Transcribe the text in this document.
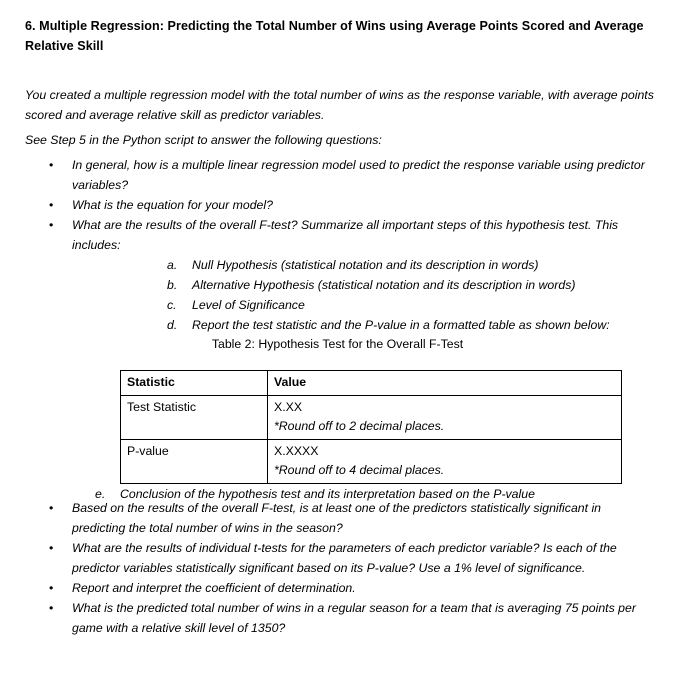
6. Multiple Regression: Predicting the Total Number of Wins using Average Points Scored and Average Relative Skill

You created a multiple regression model with the total number of wins as the response variable, with average points scored and average relative skill as predictor variables.

See Step 5 in the Python script to answer the following questions:

•	In general, how is a multiple linear regression model used to predict the response variable using predictor variables?
•	What is the equation for your model?
•	What are the results of the overall F-test? Summarize all important steps of this hypothesis test. This includes:
a. Null Hypothesis (statistical notation and its description in words)
b. Alternative Hypothesis (statistical notation and its description in words)
c. Level of Significance
d. Report the test statistic and the P-value in a formatted table as shown below:
Table 2: Hypothesis Test for the Overall F-Test
Statistic	Value
Test Statistic	X.XX
*Round off to 2 decimal places.

P-value	X.XXXX
*Round off to 4 decimal places.
e. Conclusion of the hypothesis test and its interpretation based on the P-value
•	Based on the results of the overall F-test, is at least one of the predictors statistically significant in predicting the total number of wins in the season?
•	What are the results of individual t-tests for the parameters of each predictor variable? Is each of the predictor variables statistically significant based on its P-value? Use a 1% level of significance.
•	Report and interpret the coefficient of determination.
•	What is the predicted total number of wins in a regular season for a team that is averaging 75 points per game with a relative skill level of 1350?
